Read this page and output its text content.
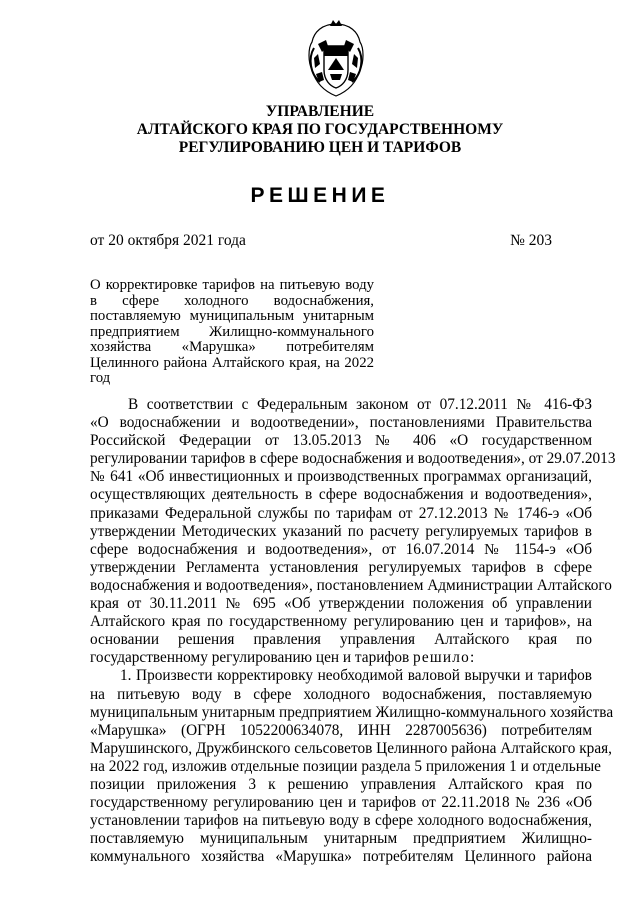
УПРАВЛЕНИЕ
АЛТАЙСКОГО КРАЯ ПО ГОСУДАРСТВЕННОМУ
РЕГУЛИРОВАНИЮ ЦЕН И ТАРИФОВ
РЕШЕНИЕ
от 20 октября 2021 года	№ 203
О корректировке тарифов на питьевую воду
в сфере холодного водоснабжения,
поставляемую муниципальным унитарным
предприятием Жилищно-коммунального
хозяйства «Марушка» потребителям
Целинного района Алтайского края, на 2022
год
В соответствии с Федеральным законом от 07.12.2011 № 416-ФЗ
«О водоснабжении и водоотведении», постановлениями Правительства
Российской Федерации от 13.05.2013 № 406 «О государственном
регулировании тарифов в сфере водоснабжения и водоотведения», от 29.07.2013
№ 641 «Об инвестиционных и производственных программах организаций,
осуществляющих деятельность в сфере водоснабжения и водоотведения»,
приказами Федеральной службы по тарифам от 27.12.2013 № 1746-э «Об
утверждении Методических указаний по расчету регулируемых тарифов в
сфере водоснабжения и водоотведения», от 16.07.2014 № 1154-э «Об
утверждении Регламента установления регулируемых тарифов в сфере
водоснабжения и водоотведения», постановлением Администрации Алтайского
края от 30.11.2011 № 695 «Об утверждении положения об управлении
Алтайского края по государственному регулированию цен и тарифов», на
основании решения правления управления Алтайского края по
государственному регулированию цен и тарифов решило:
1. Произвести корректировку необходимой валовой выручки и тарифов
на питьевую воду в сфере холодного водоснабжения, поставляемую
муниципальным унитарным предприятием Жилищно-коммунального хозяйства
«Марушка» (ОГРН 1052200634078, ИНН 2287005636) потребителям
Марушинского, Дружбинского сельсоветов Целинного района Алтайского края,
на 2022 год, изложив отдельные позиции раздела 5 приложения 1 и отдельные
позиции приложения 3 к решению управления Алтайского края по
государственному регулированию цен и тарифов от 22.11.2018 № 236 «Об
установлении тарифов на питьевую воду в сфере холодного водоснабжения,
поставляемую муниципальным унитарным предприятием Жилищно-
коммунального хозяйства «Марушка» потребителям Целинного района
